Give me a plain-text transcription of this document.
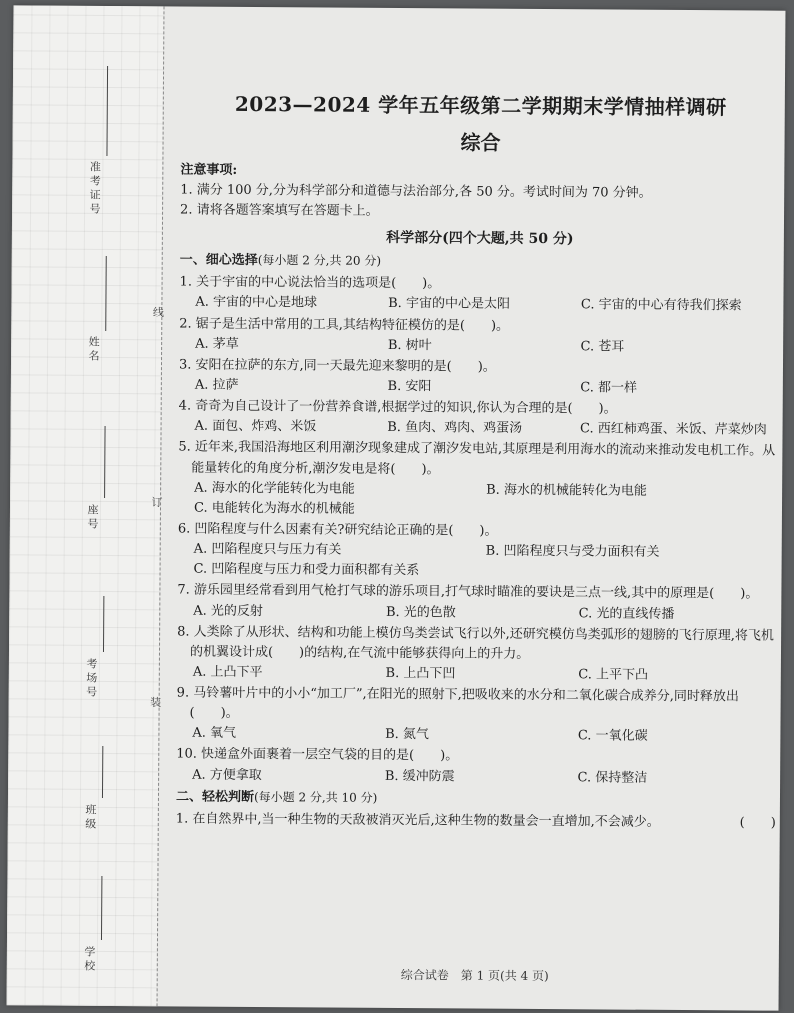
准考证号
姓名
座号
考场号
班级
学校
线
订
装
2023—2024 学年五年级第二学期期末学情抽样调研
综合
注意事项:

1. 满分 100 分,分为科学部分和道德与法治部分,各 50 分。考试时间为 70 分钟。

2. 请将各题答案填写在答题卡上。

科学部分(四个大题,共 50 分)
一、细心选择(每小题 2 分,共 20 分)

1. 关于宇宙的中心说法恰当的选项是(　　)。

A. 宇宙的中心是地球	B. 宇宙的中心是太阳	C. 宇宙的中心有待我们探索

2. 锯子是生活中常用的工具,其结构特征模仿的是(　　)。

A. 茅草	B. 树叶	C. 苍耳

3. 安阳在拉萨的东方,同一天最先迎来黎明的是(　　)。

A. 拉萨	B. 安阳	C. 都一样

4. 奇奇为自己设计了一份营养食谱,根据学过的知识,你认为合理的是(　　)。

A. 面包、炸鸡、米饭	B. 鱼肉、鸡肉、鸡蛋汤	C. 西红柿鸡蛋、米饭、芹菜炒肉

5. 近年来,我国沿海地区利用潮汐现象建成了潮汐发电站,其原理是利用海水的流动来推动发电机工作。从能量转化的角度分析,潮汐发电是将(　　)。

A. 海水的化学能转化为电能	B. 海水的机械能转化为电能
C. 电能转化为海水的机械能

6. 凹陷程度与什么因素有关?研究结论正确的是(　　)。

A. 凹陷程度只与压力有关	B. 凹陷程度只与受力面积有关
C. 凹陷程度与压力和受力面积都有关系

7. 游乐园里经常看到用气枪打气球的游乐项目,打气球时瞄准的要诀是三点一线,其中的原理是(　　)。

A. 光的反射	B. 光的色散	C. 光的直线传播

8. 人类除了从形状、结构和功能上模仿鸟类尝试飞行以外,还研究模仿鸟类弧形的翅膀的飞行原理,将飞机的机翼设计成(　　)的结构,在气流中能够获得向上的升力。

A. 上凸下平	B. 上凸下凹	C. 上平下凸

9. 马铃薯叶片中的小小“加工厂”,在阳光的照射下,把吸收来的水分和二氧化碳合成养分,同时释放出(　　)。

A. 氧气	B. 氮气	C. 一氧化碳

10. 快递盒外面裹着一层空气袋的目的是(　　)。

A. 方便拿取	B. 缓冲防震	C. 保持整洁
二、轻松判断(每小题 2 分,共 10 分)
1. 在自然界中,当一种生物的天敌被消灭光后,这种生物的数量会一直增加,不会减少。	(　　)
综合试卷　第 1 页(共 4 页)
